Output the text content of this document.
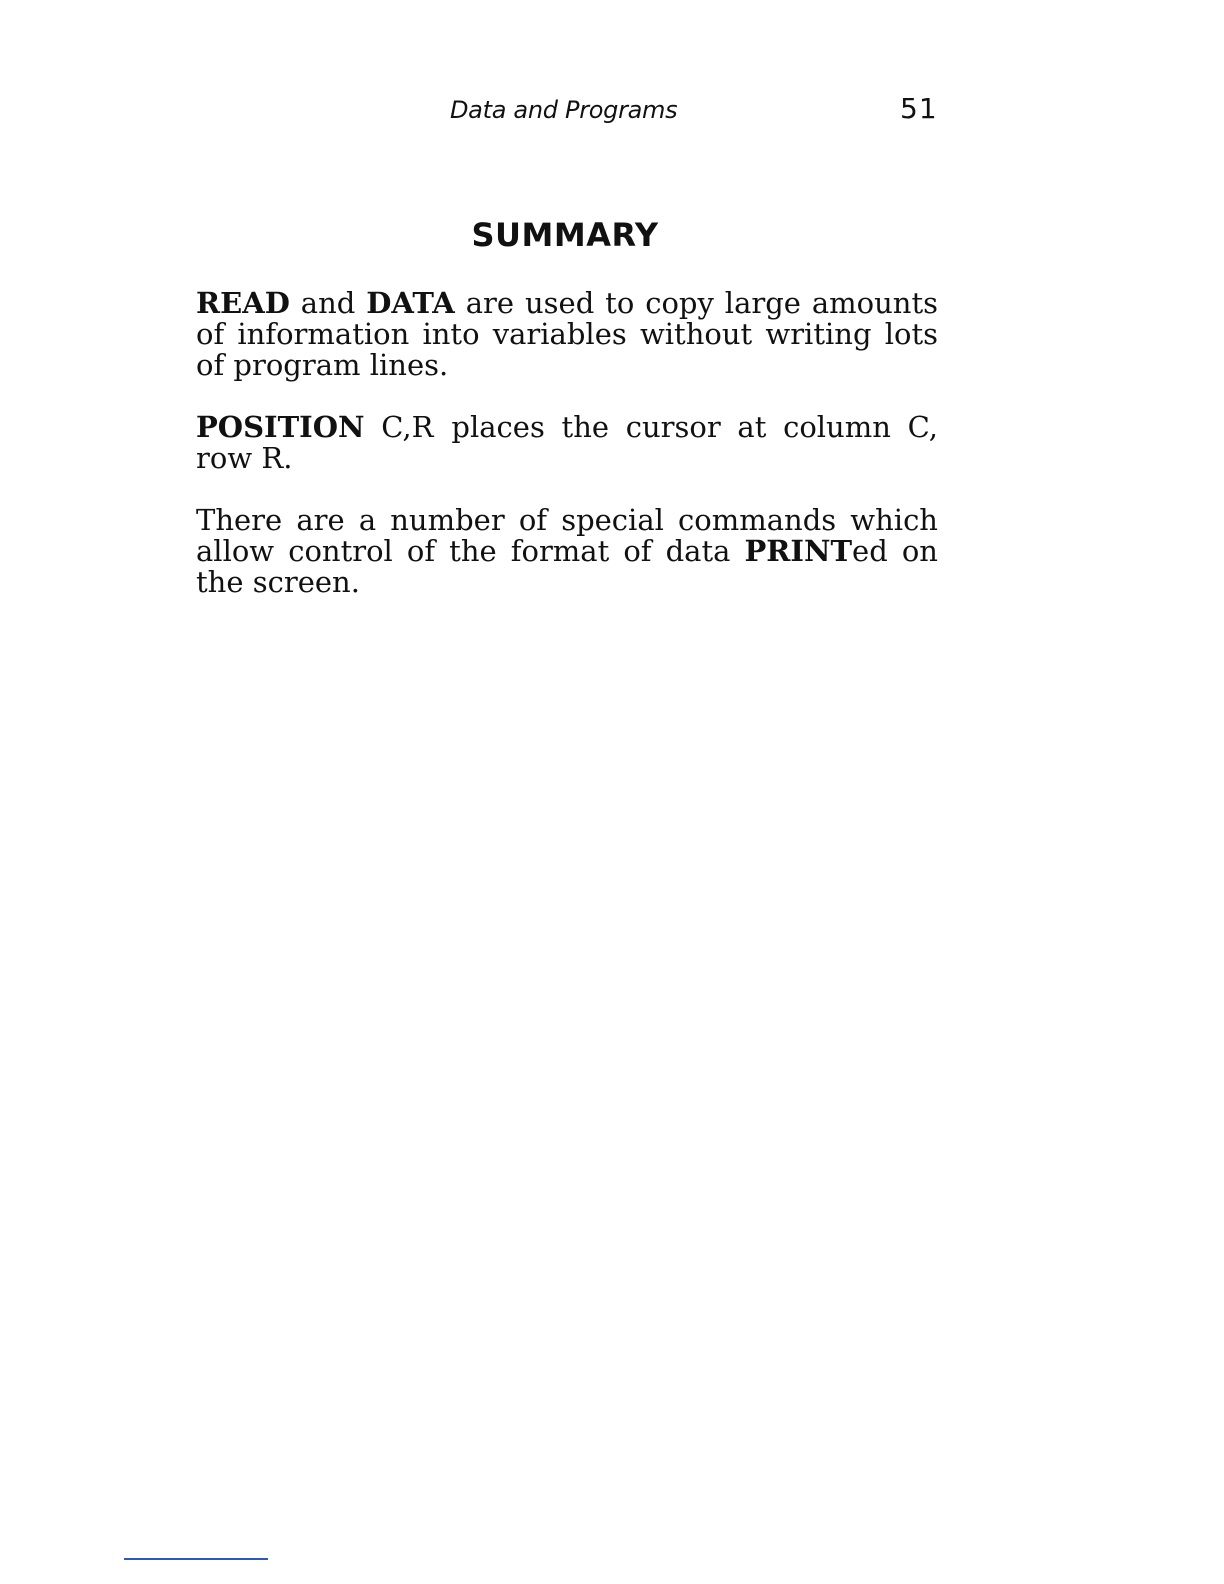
Data and Programs	51
SUMMARY

READ and DATA are used to copy large amounts of information into variables without writing lots of program lines.

POSITION C,R places the cursor at column C, row R.

There are a number of special commands which allow control of the format of data PRINTed on the screen.
